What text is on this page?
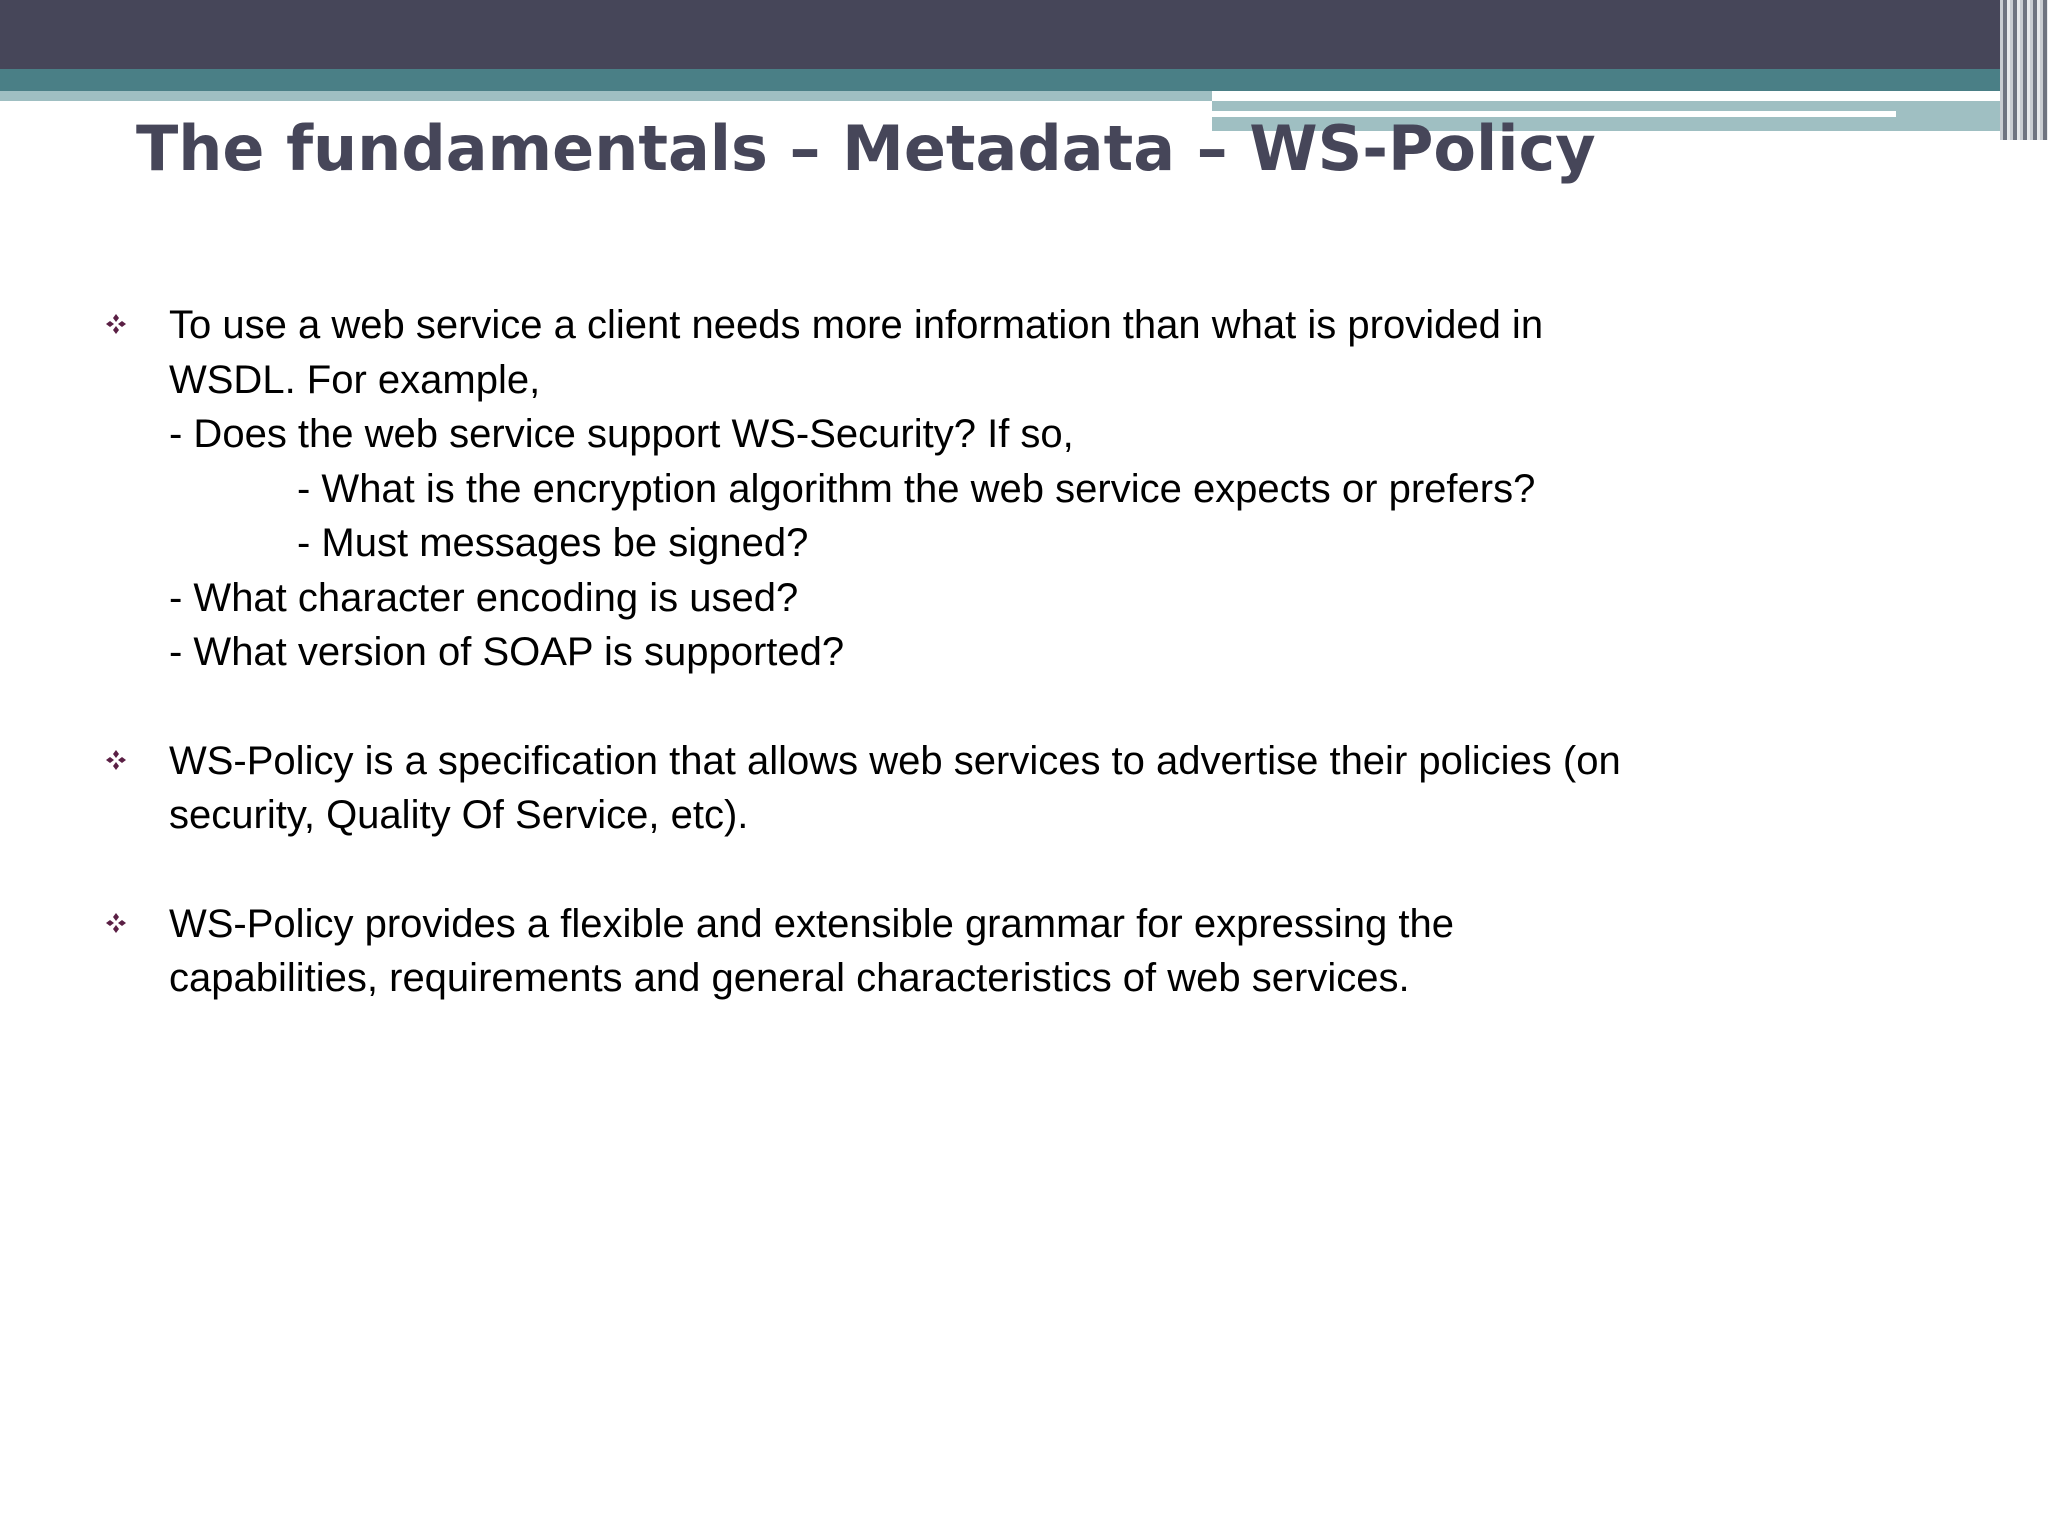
The fundamentals – Metadata – WS-Policy
To use a web service a client needs more information than what is provided in
WSDL. For example,
- Does the web service support WS-Security? If so,
- What is the encryption algorithm the web service expects or prefers?
- Must messages be signed?
- What character encoding is used?
- What version of SOAP is supported?
WS-Policy is a specification that allows web services to advertise their policies (on
security, Quality Of Service, etc).
WS-Policy provides a flexible and extensible grammar for expressing the
capabilities, requirements and general characteristics of web services.
